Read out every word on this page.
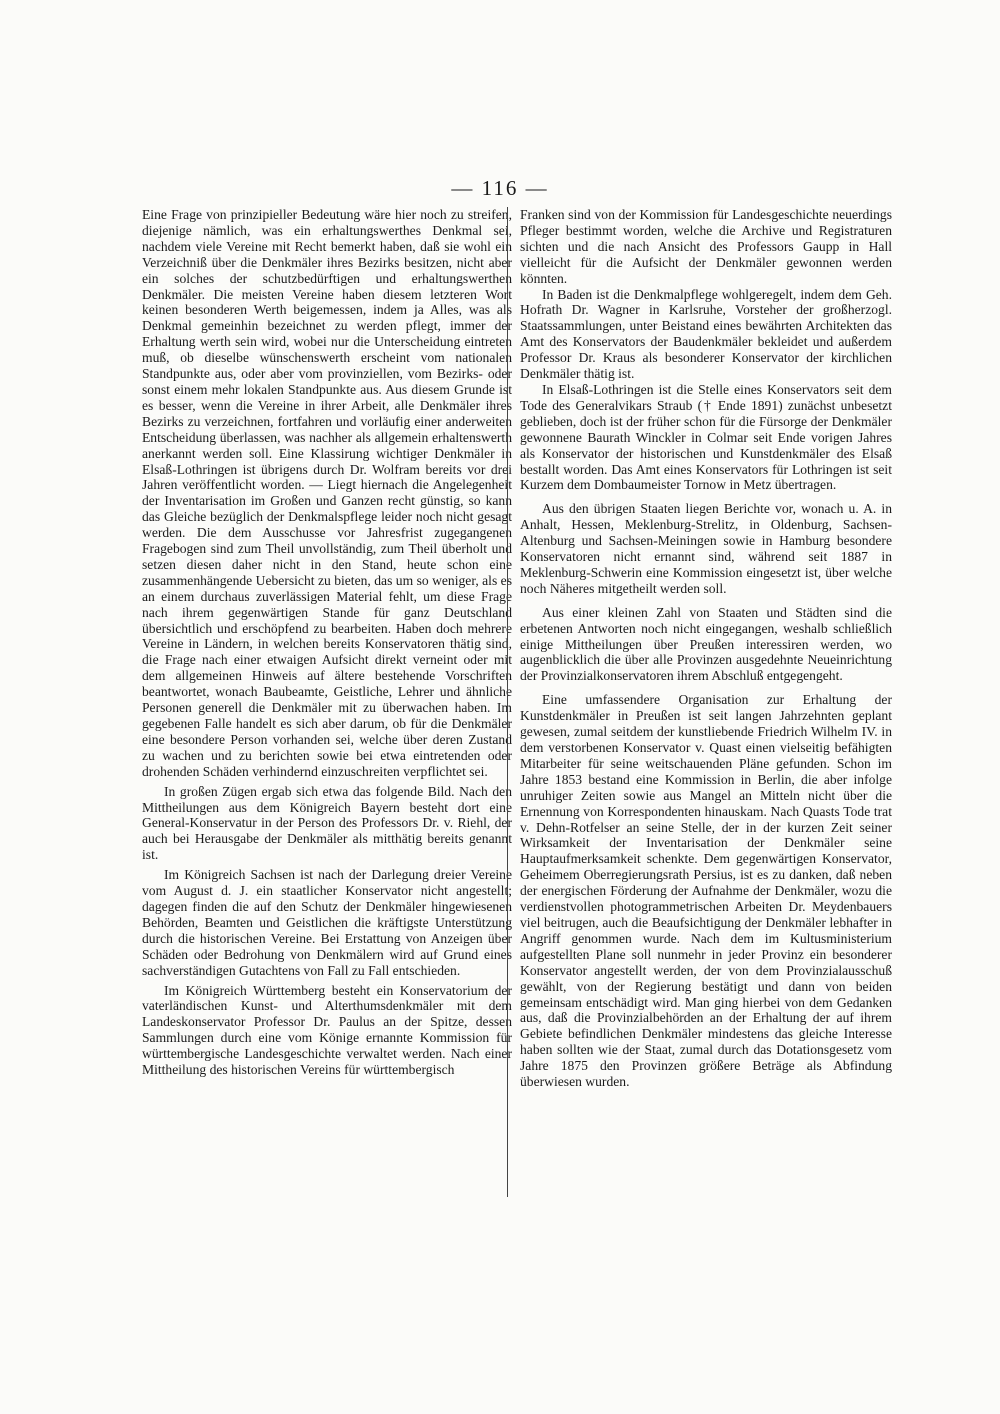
— 116 —

Eine Frage von prinzipieller Bedeutung wäre hier noch zu streifen, diejenige nämlich, was ein erhaltungswerthes Denkmal sei, nachdem viele Vereine mit Recht bemerkt haben, daß sie wohl ein Verzeichniß über die Denkmäler ihres Bezirks besitzen, nicht aber ein solches der schutzbedürftigen und erhaltungswerthen Denkmäler. Die meisten Vereine haben diesem letzteren Wort keinen besonderen Werth beigemessen, indem ja Alles, was als Denkmal gemeinhin bezeichnet zu werden pflegt, immer der Erhaltung werth sein wird, wobei nur die Unterscheidung eintreten muß, ob dieselbe wünschenswerth erscheint vom nationalen Standpunkte aus, oder aber vom provinziellen, vom Bezirks- oder sonst einem mehr lokalen Standpunkte aus. Aus diesem Grunde ist es besser, wenn die Vereine in ihrer Arbeit, alle Denkmäler ihres Bezirks zu verzeichnen, fortfahren und vorläufig einer anderweiten Entscheidung überlassen, was nachher als allgemein erhaltenswerth anerkannt werden soll. Eine Klassirung wichtiger Denkmäler in Elsaß-Lothringen ist übrigens durch Dr. Wolfram bereits vor drei Jahren veröffentlicht worden. — Liegt hiernach die Angelegenheit der Inventarisation im Großen und Ganzen recht günstig, so kann das Gleiche bezüglich der Denkmalspflege leider noch nicht gesagt werden. Die dem Ausschusse vor Jahresfrist zugegangenen Fragebogen sind zum Theil unvollständig, zum Theil überholt und setzen diesen daher nicht in den Stand, heute schon eine zusammenhängende Uebersicht zu bieten, das um so weniger, als es an einem durchaus zuverlässigen Material fehlt, um diese Frage nach ihrem gegenwärtigen Stande für ganz Deutschland übersichtlich und erschöpfend zu bearbeiten. Haben doch mehrere Vereine in Ländern, in welchen bereits Konservatoren thätig sind, die Frage nach einer etwaigen Aufsicht direkt verneint oder mit dem allgemeinen Hinweis auf ältere bestehende Vorschriften beantwortet, wonach Baubeamte, Geistliche, Lehrer und ähnliche Personen generell die Denkmäler mit zu überwachen haben. Im gegebenen Falle handelt es sich aber darum, ob für die Denkmäler eine besondere Person vorhanden sei, welche über deren Zustand zu wachen und zu berichten sowie bei etwa eintretenden oder drohenden Schäden verhindernd einzuschreiten verpflichtet sei.

In großen Zügen ergab sich etwa das folgende Bild. Nach den Mittheilungen aus dem Königreich Bayern besteht dort eine General-Konservatur in der Person des Professors Dr. v. Riehl, der auch bei Herausgabe der Denkmäler als mitthätig bereits genannt ist.

Im Königreich Sachsen ist nach der Darlegung dreier Vereine vom August d. J. ein staatlicher Konservator nicht angestellt; dagegen finden die auf den Schutz der Denkmäler hingewiesenen Behörden, Beamten und Geistlichen die kräftigste Unterstützung durch die historischen Vereine. Bei Erstattung von Anzeigen über Schäden oder Bedrohung von Denkmälern wird auf Grund eines sachverständigen Gutachtens von Fall zu Fall entschieden.

Im Königreich Württemberg besteht ein Konservatorium der vaterländischen Kunst- und Alterthumsdenkmäler mit dem Landeskonservator Professor Dr. Paulus an der Spitze, dessen Sammlungen durch eine vom Könige ernannte Kommission für württembergische Landesgeschichte verwaltet werden. Nach einer Mittheilung des historischen Vereins für württembergisch

Franken sind von der Kommission für Landesgeschichte neuerdings Pfleger bestimmt worden, welche die Archive und Registraturen sichten und die nach Ansicht des Professors Gaupp in Hall vielleicht für die Aufsicht der Denkmäler gewonnen werden könnten.

In Baden ist die Denkmalpflege wohlgeregelt, indem dem Geh. Hofrath Dr. Wagner in Karlsruhe, Vorsteher der großherzogl. Staatssammlungen, unter Beistand eines bewährten Architekten das Amt des Konservators der Baudenkmäler bekleidet und außerdem Professor Dr. Kraus als besonderer Konservator der kirchlichen Denkmäler thätig ist.

In Elsaß-Lothringen ist die Stelle eines Konservators seit dem Tode des Generalvikars Straub († Ende 1891) zunächst unbesetzt geblieben, doch ist der früher schon für die Fürsorge der Denkmäler gewonnene Baurath Winckler in Colmar seit Ende vorigen Jahres als Konservator der historischen und Kunstdenkmäler des Elsaß bestallt worden. Das Amt eines Konservators für Lothringen ist seit Kurzem dem Dombaumeister Tornow in Metz übertragen.

Aus den übrigen Staaten liegen Berichte vor, wonach u. A. in Anhalt, Hessen, Meklenburg-Strelitz, in Oldenburg, Sachsen-Altenburg und Sachsen-Meiningen sowie in Hamburg besondere Konservatoren nicht ernannt sind, während seit 1887 in Meklenburg-Schwerin eine Kommission eingesetzt ist, über welche noch Näheres mitgetheilt werden soll.

Aus einer kleinen Zahl von Staaten und Städten sind die erbetenen Antworten noch nicht eingegangen, weshalb schließlich einige Mittheilungen über Preußen interessiren werden, wo augenblicklich die über alle Provinzen ausgedehnte Neueinrichtung der Provinzialkonservatoren ihrem Abschluß entgegengeht.

Eine umfassendere Organisation zur Erhaltung der Kunstdenkmäler in Preußen ist seit langen Jahrzehnten geplant gewesen, zumal seitdem der kunstliebende Friedrich Wilhelm IV. in dem verstorbenen Konservator v. Quast einen vielseitig befähigten Mitarbeiter für seine weitschauenden Pläne gefunden. Schon im Jahre 1853 bestand eine Kommission in Berlin, die aber infolge unruhiger Zeiten sowie aus Mangel an Mitteln nicht über die Ernennung von Korrespondenten hinauskam. Nach Quasts Tode trat v. Dehn-Rotfelser an seine Stelle, der in der kurzen Zeit seiner Wirksamkeit der Inventarisation der Denkmäler seine Hauptaufmerksamkeit schenkte. Dem gegenwärtigen Konservator, Geheimem Oberregierungsrath Persius, ist es zu danken, daß neben der energischen Förderung der Aufnahme der Denkmäler, wozu die verdienstvollen photogrammetrischen Arbeiten Dr. Meydenbauers viel beitrugen, auch die Beaufsichtigung der Denkmäler lebhafter in Angriff genommen wurde. Nach dem im Kultusministerium aufgestellten Plane soll nunmehr in jeder Provinz ein besonderer Konservator angestellt werden, der von dem Provinzialausschuß gewählt, von der Regierung bestätigt und dann von beiden gemeinsam entschädigt wird. Man ging hierbei von dem Gedanken aus, daß die Provinzialbehörden an der Erhaltung der auf ihrem Gebiete befindlichen Denkmäler mindestens das gleiche Interesse haben sollten wie der Staat, zumal durch das Dotationsgesetz vom Jahre 1875 den Provinzen größere Beträge als Abfindung überwiesen wurden.
